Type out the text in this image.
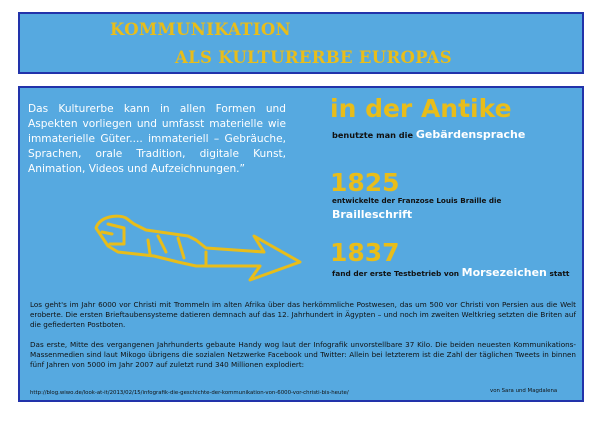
KOMMUNIKATION
ALS KULTURERBE EUROPAS

Das Kulturerbe kann in allen Formen und Aspekten vorliegen und umfasst materielle wie immaterielle Güter.... immateriell – Gebräuche, Sprachen, orale Tradition, digitale Kunst, Animation, Videos und Aufzeichnungen.”

in der Antike
benutzte man die Gebärdensprache
1825
entwickelte der Franzose Louis Braille die
Brailleschrift
1837
fand der erste Testbetrieb von Morsezeichen statt

Los geht's im Jahr 6000 vor Christi mit Trommeln im alten Afrika über das herkömmliche Postwesen, das um 500 vor Christi von Persien aus die Welt eroberte. Die ersten Brieftaubensysteme datieren demnach auf das 12. Jahrhundert in Ägypten – und noch im zweiten Weltkrieg setzten die Briten auf die gefiederten Postboten.

Das erste, Mitte des vergangenen Jahrhunderts gebaute Handy wog laut der Infografik unvorstellbare 37 Kilo. Die beiden neuesten Kommunikations-Massenmedien sind laut Mikogo übrigens die sozialen Netzwerke Facebook und Twitter: Allein bei letzterem ist die Zahl der täglichen Tweets in binnen fünf Jahren von 5000 im Jahr 2007 auf zuletzt rund 340 Millionen explodiert:

http://blog.wiwo.de/look-at-it/2013/02/15/infografik-die-geschichte-der-kommunikation-von-6000-vor-christi-bis-heute/	von Sara und Magdalena
